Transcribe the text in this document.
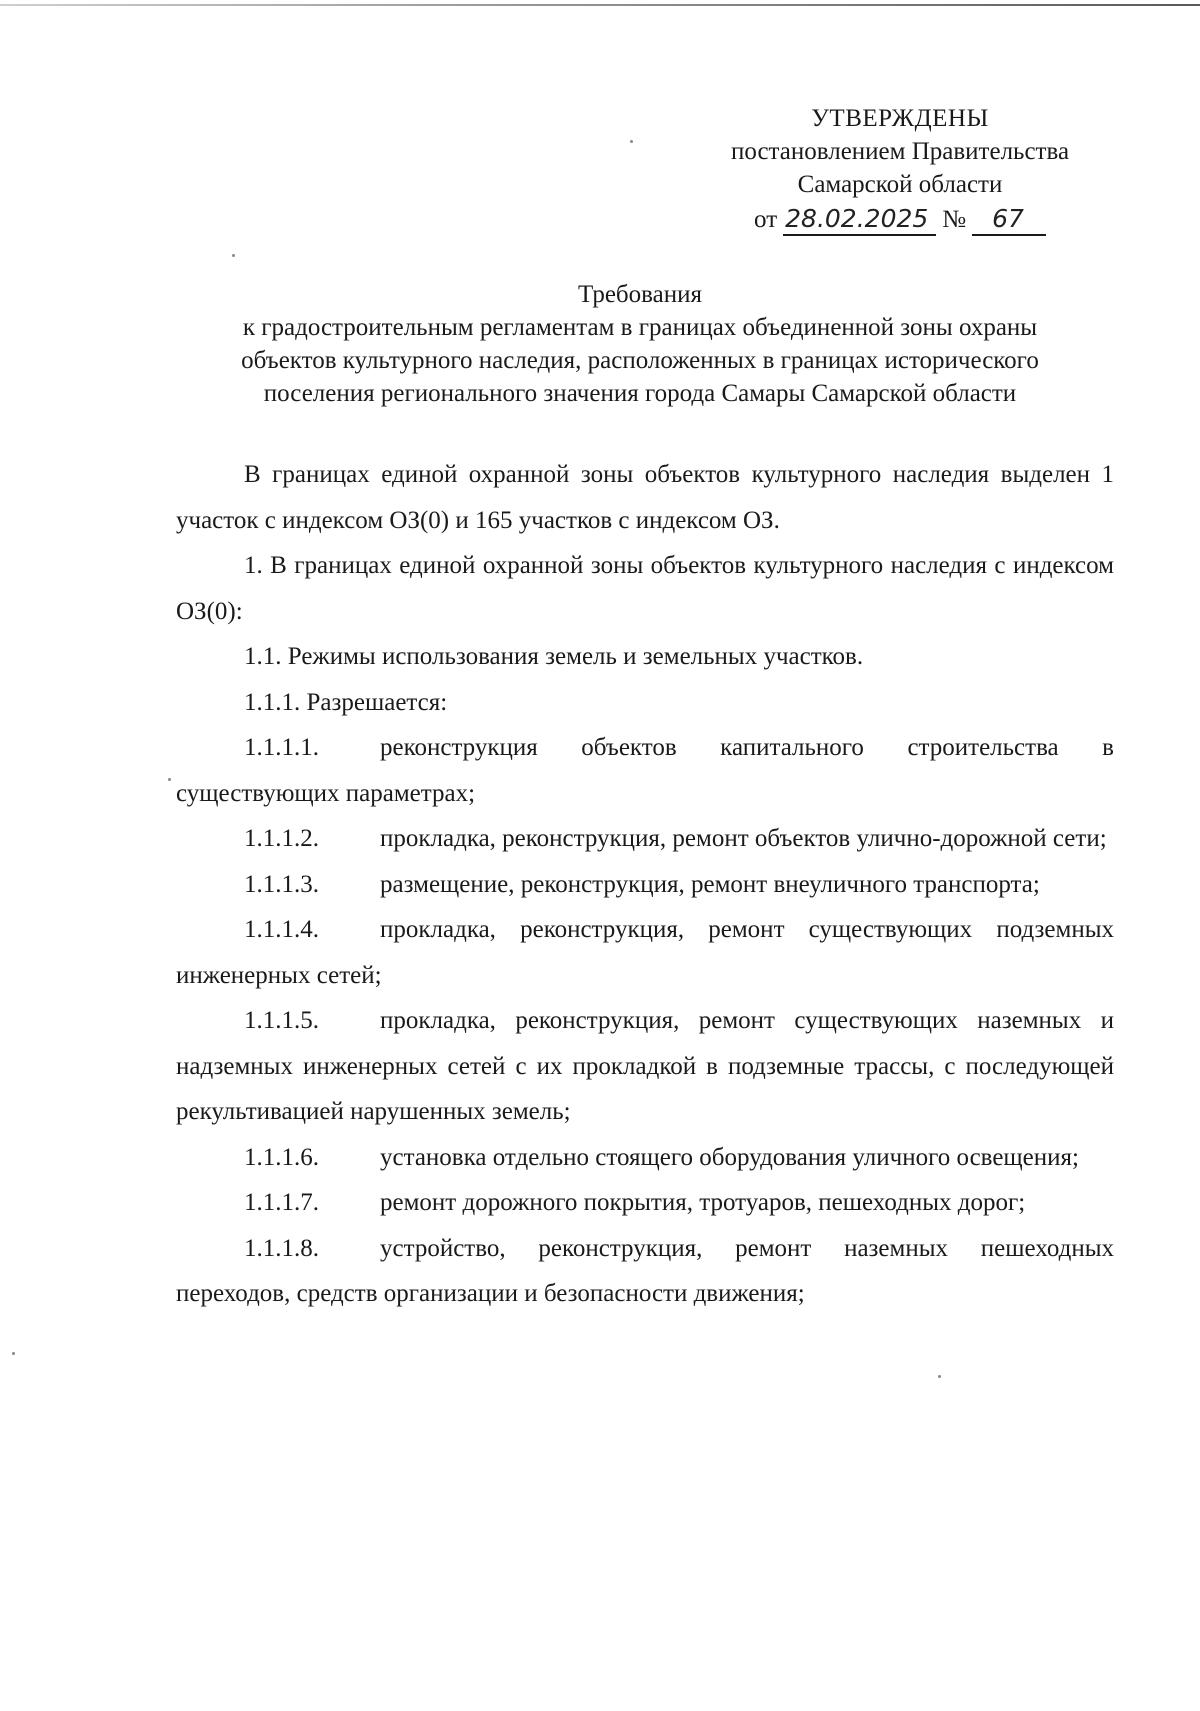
УТВЕРЖДЕНЫ
постановлением Правительства
Самарской области
от 28.02.2025 №	67
Требования
к градостроительным регламентам в границах объединенной зоны охраны
объектов культурного наследия, расположенных в границах исторического
поселения регионального значения города Самары Самарской области

В границах единой охранной зоны объектов культурного наследия выделен 1 участок с индексом ОЗ(0) и 165 участков с индексом ОЗ.

1. В границах единой охранной зоны объектов культурного наследия с индексом ОЗ(0):

1.1. Режимы использования земель и земельных участков.

1.1.1. Разрешается:

1.1.1.1. реконструкция объектов капитального строительства в существующих параметрах;

1.1.1.2. прокладка, реконструкция, ремонт объектов улично-дорожной сети;

1.1.1.3. размещение, реконструкция, ремонт внеуличного транспорта;

1.1.1.4. прокладка, реконструкция, ремонт существующих подземных инженерных сетей;

1.1.1.5. прокладка, реконструкция, ремонт существующих наземных и надземных инженерных сетей с их прокладкой в подземные трассы, с последующей рекультивацией нарушенных земель;

1.1.1.6. установка отдельно стоящего оборудования уличного освещения;

1.1.1.7. ремонт дорожного покрытия, тротуаров, пешеходных дорог;

1.1.1.8. устройство, реконструкция, ремонт наземных пешеходных переходов, средств организации и безопасности движения;
